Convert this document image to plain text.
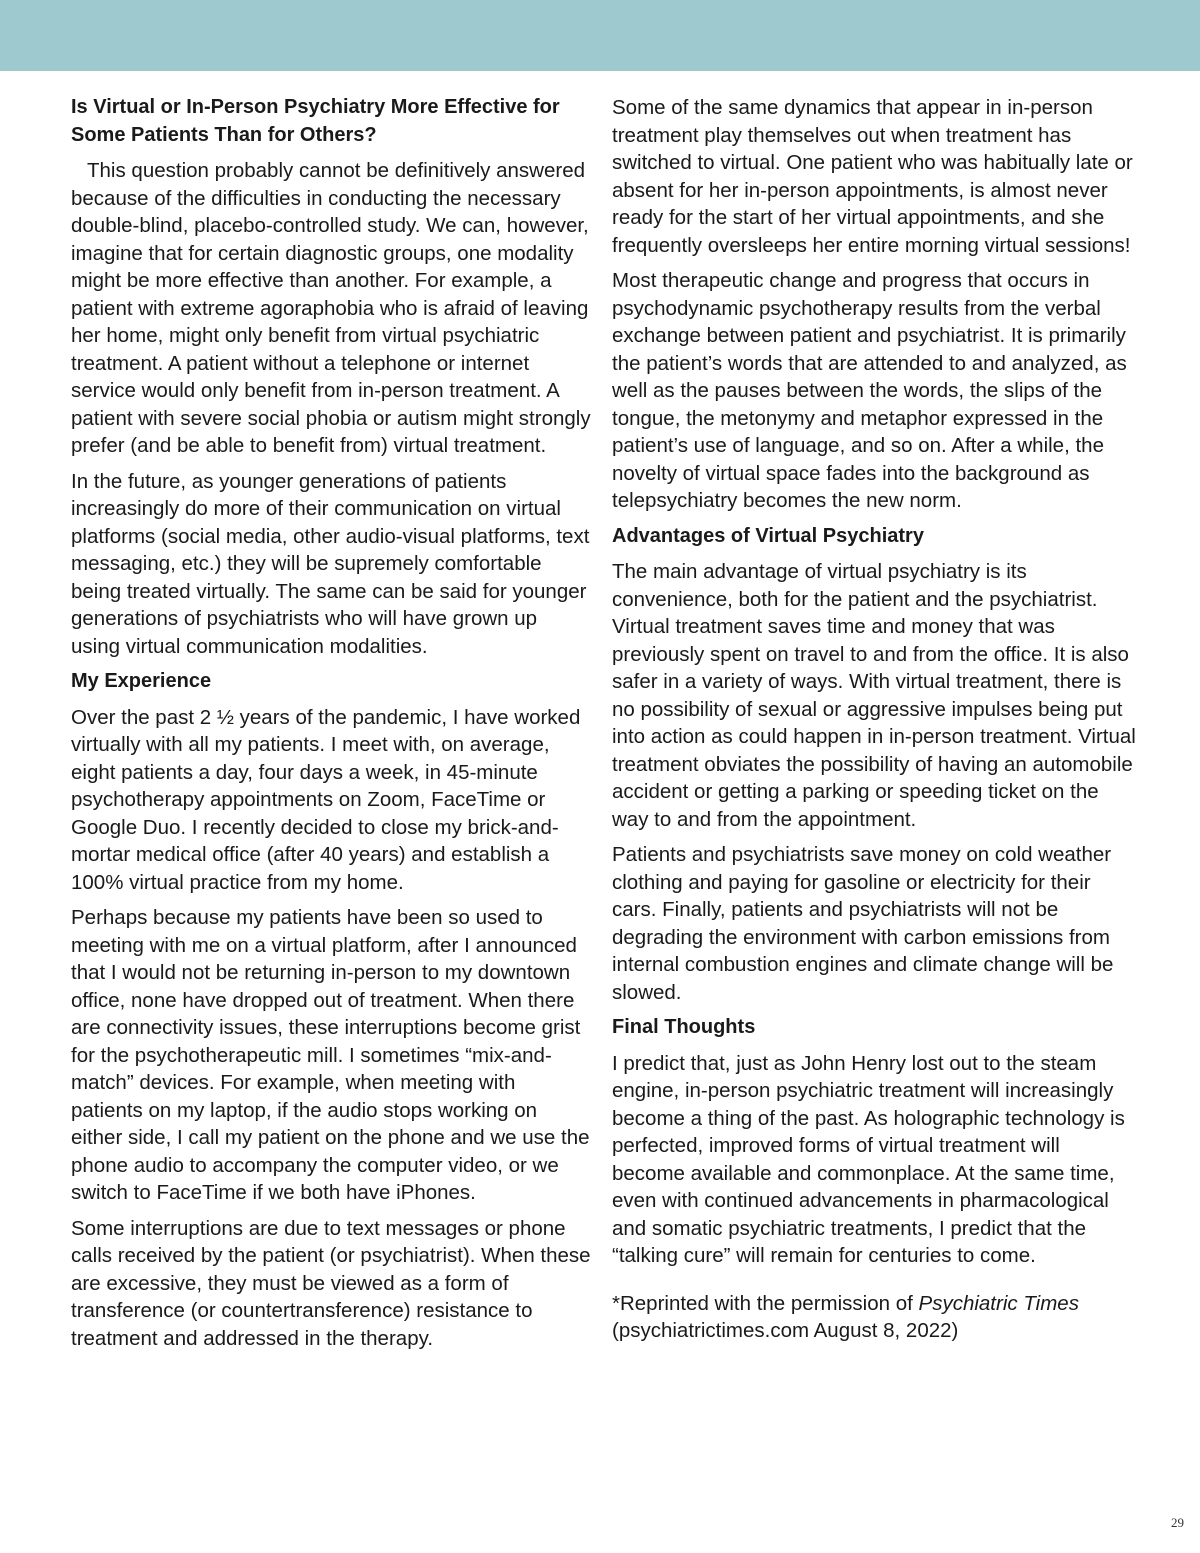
Is Virtual or In-Person Psychiatry More Effective for Some Patients Than for Others?

This question probably cannot be definitively answered because of the difficulties in conducting the necessary double-blind, placebo-controlled study. We can, however, imagine that for certain diagnostic groups, one modality might be more effective than another. For example, a patient with extreme agoraphobia who is afraid of leaving her home, might only benefit from virtual psychiatric treatment. A patient without a telephone or internet service would only benefit from in-person treatment. A patient with severe social phobia or autism might strongly prefer (and be able to benefit from) virtual treatment.

In the future, as younger generations of patients increasingly do more of their communication on virtual platforms (social media, other audio-visual platforms, text messaging, etc.) they will be supremely comfortable being treated virtually. The same can be said for younger generations of psychiatrists who will have grown up using virtual communication modalities.

My Experience

Over the past 2 ½ years of the pandemic, I have worked virtually with all my patients. I meet with, on average, eight patients a day, four days a week, in 45-minute psychotherapy appointments on Zoom, FaceTime or Google Duo. I recently decided to close my brick-and-mortar medical office (after 40 years) and establish a 100% virtual practice from my home.

Perhaps because my patients have been so used to meeting with me on a virtual platform, after I announced that I would not be returning in-person to my downtown office, none have dropped out of treatment. When there are connectivity issues, these interruptions become grist for the psychotherapeutic mill. I sometimes “mix-and-match” devices. For example, when meeting with patients on my laptop, if the audio stops working on either side, I call my patient on the phone and we use the phone audio to accompany the computer video, or we switch to FaceTime if we both have iPhones.

Some interruptions are due to text messages or phone calls received by the patient (or psychiatrist). When these are excessive, they must be viewed as a form of transference (or countertransference) resistance to treatment and addressed in the therapy.

Some of the same dynamics that appear in in-person treatment play themselves out when treatment has switched to virtual. One patient who was habitually late or absent for her in-person appointments, is almost never ready for the start of her virtual appointments, and she frequently oversleeps her entire morning virtual sessions!

Most therapeutic change and progress that occurs in psychodynamic psychotherapy results from the verbal exchange between patient and psychiatrist. It is primarily the patient’s words that are attended to and analyzed, as well as the pauses between the words, the slips of the tongue, the metonymy and metaphor expressed in the patient’s use of language, and so on. After a while, the novelty of virtual space fades into the background as telepsychiatry becomes the new norm.

Advantages of Virtual Psychiatry

The main advantage of virtual psychiatry is its convenience, both for the patient and the psychiatrist. Virtual treatment saves time and money that was previously spent on travel to and from the office. It is also safer in a variety of ways. With virtual treatment, there is no possibility of sexual or aggressive impulses being put into action as could happen in in-person treatment. Virtual treatment obviates the possibility of having an automobile accident or getting a parking or speeding ticket on the way to and from the appointment.

Patients and psychiatrists save money on cold weather clothing and paying for gasoline or electricity for their cars. Finally, patients and psychiatrists will not be degrading the environment with carbon emissions from internal combustion engines and climate change will be slowed.

Final Thoughts

I predict that, just as John Henry lost out to the steam engine, in-person psychiatric treatment will increasingly become a thing of the past. As holographic technology is perfected, improved forms of virtual treatment will become available and commonplace. At the same time, even with continued advancements in pharmacological and somatic psychiatric treatments, I predict that the “talking cure” will remain for centuries to come.

*Reprinted with the permission of Psychiatric Times
(psychiatrictimes.com August 8, 2022)

29
